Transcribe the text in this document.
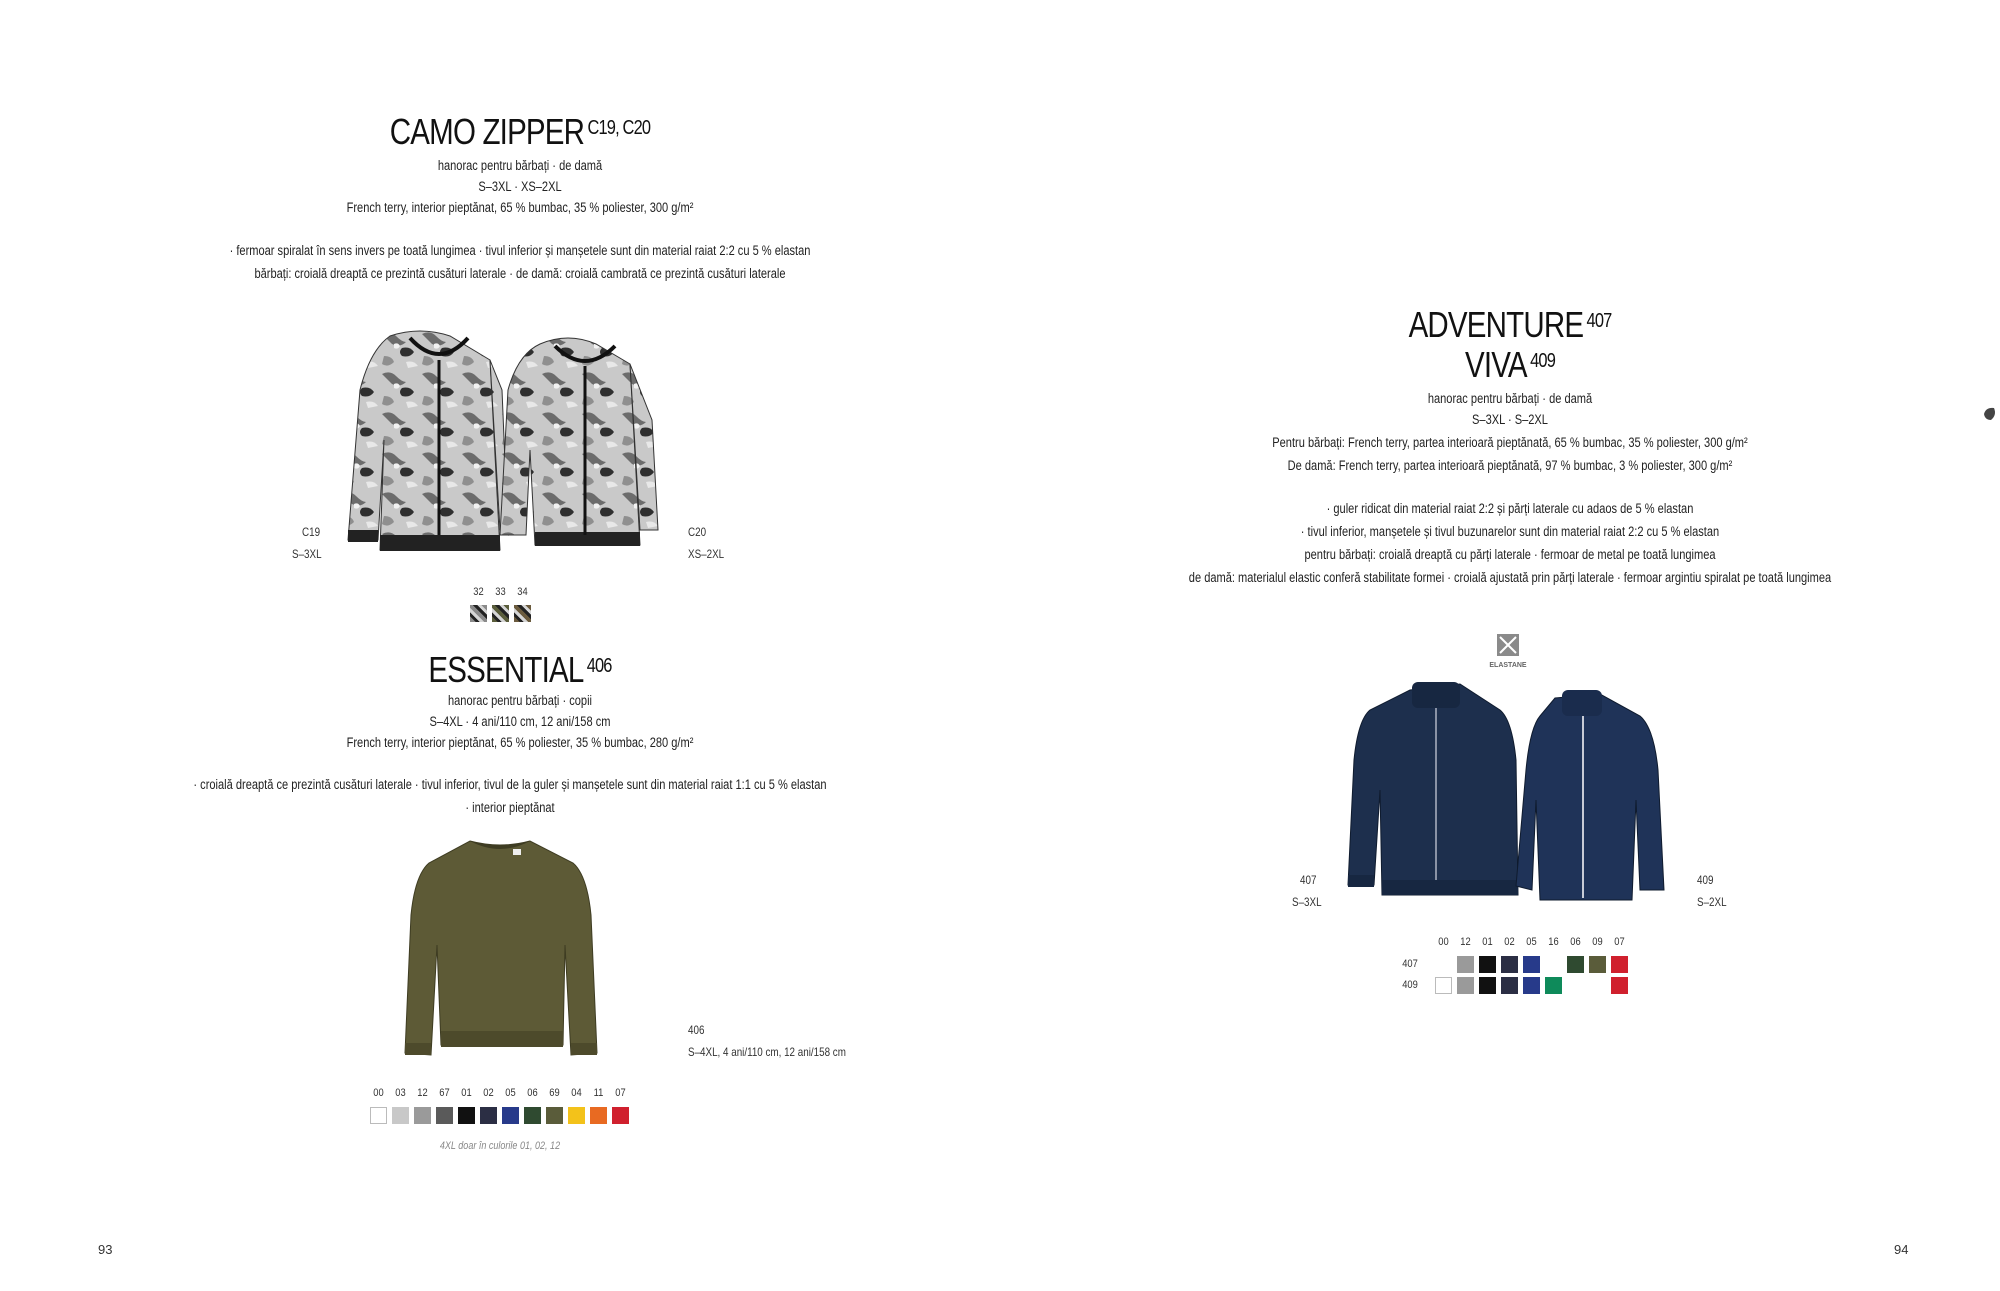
CAMO ZIPPER $^{C19, C20}$
hanorac pentru bărbați · de damă
S–3XL · XS–2XL
French terry, interior pieptănat, 65 % bumbac, 35 % poliester, 300 g/m²
· fermoar spiralat în sens invers pe toată lungimea · tivul inferior și manșetele sunt din material raiat 2:2 cu 5 % elastan
bărbați: croială dreaptă ce prezintă cusături laterale · de damă: croială cambrată ce prezintă cusături laterale
C19
S–3XL
C20
XS–2XL
32 33 34
ESSENTIAL $^{406}$
hanorac pentru bărbați · copii
S–4XL · 4 ani/110 cm, 12 ani/158 cm
French terry, interior pieptănat, 65 % poliester, 35 % bumbac, 280 g/m²
· croială dreaptă ce prezintă cusături laterale · tivul inferior, tivul de la guler și manșetele sunt din material raiat 1:1 cu 5 % elastan
· interior pieptănat
406
S–4XL, 4 ani/110 cm, 12 ani/158 cm
00 03 12 67 01 02 05 06 69 04 11 07
4XL doar în culorile 01, 02, 12
ADVENTURE $^{407}$
VIVA $^{409}$
hanorac pentru bărbați · de damă
S–3XL · S–2XL
Pentru bărbați: French terry, partea interioară pieptănată, 65 % bumbac, 35 % poliester, 300 g/m²
De damă: French terry, partea interioară pieptănată, 97 % bumbac, 3 % poliester, 300 g/m²
· guler ridicat din material raiat 2:2 și părți laterale cu adaos de 5 % elastan
· tivul inferior, manșetele și tivul buzunarelor sunt din material raiat 2:2 cu 5 % elastan
pentru bărbați: croială dreaptă cu părți laterale · fermoar de metal pe toată lungimea
de damă: materialul elastic conferă stabilitate formei · croială ajustată prin părți laterale · fermoar argintiu spiralat pe toată lungimea
ELASTANE
407
S–3XL
409
S–2XL
00 12 01 02 05 16 06 09 07
407
409
93	94
